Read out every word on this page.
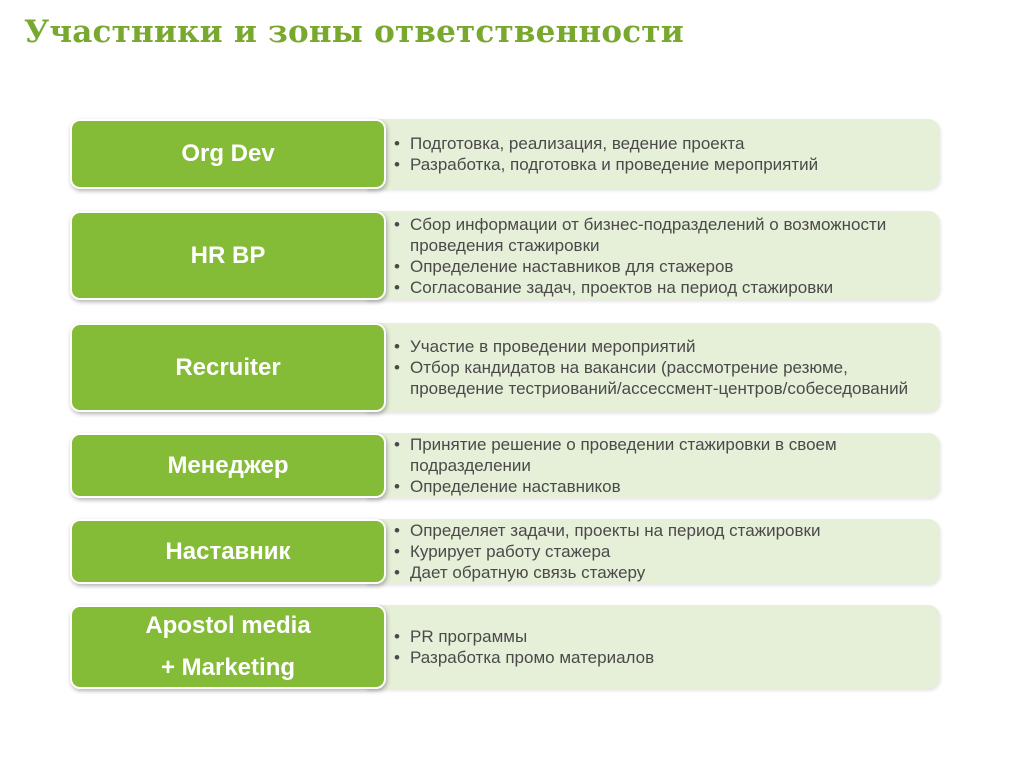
Участники и зоны ответственности
Org Dev
•	Подготовка, реализация, ведение проекта
• Разработка, подготовка и проведение мероприятий
HR BP
• Сбор информации от бизнес-подразделений о возможности проведения стажировки
• Определение наставников для стажеров
• Согласование задач, проектов на период стажировки
Recruiter
• Участие в проведении мероприятий
• Отбор кандидатов на вакансии (рассмотрение резюме, проведение тестриований/ассессмент-центров/собеседований
Менеджер
• Принятие решение о проведении стажировки в своем подразделении
• Определение наставников
Наставник
• Определяет задачи, проекты на период стажировки
• Курирует работу стажера
• Дает обратную связь стажеру
Apostol media
+ Marketing
• PR программы
• Разработка промо материалов
